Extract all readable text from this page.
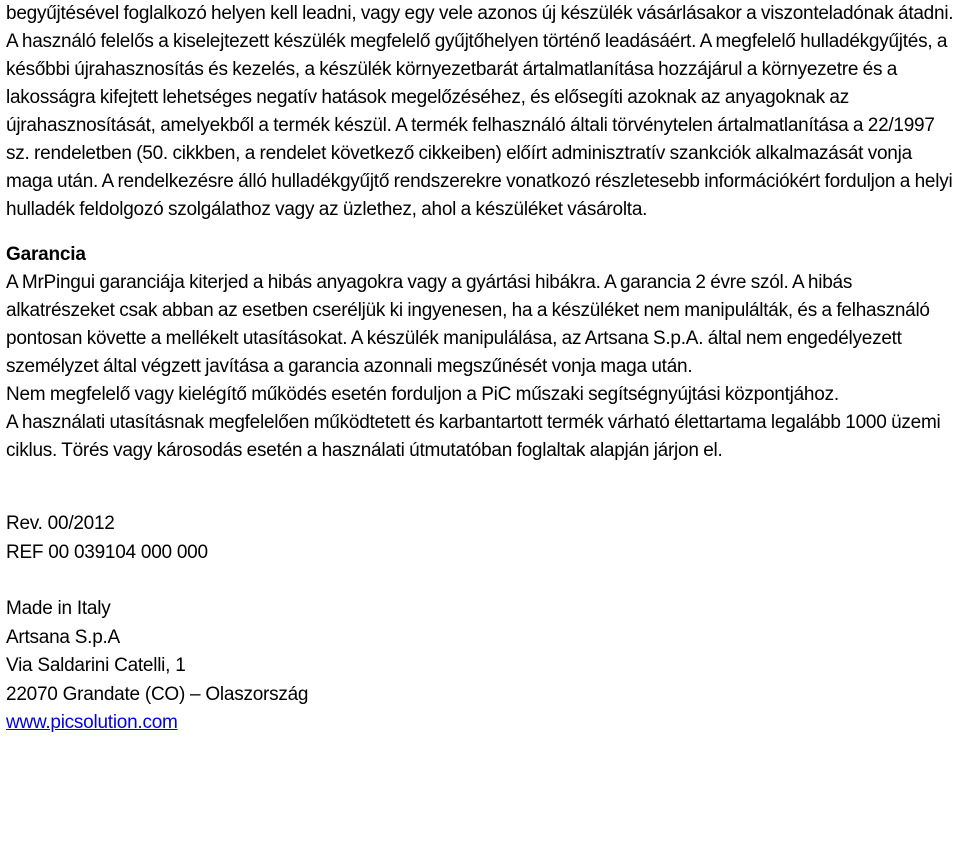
begyűjtésével foglalkozó helyen kell leadni, vagy egy vele azonos új készülék vásárlásakor a viszonteladónak átadni. A használó felelős a kiselejtezett készülék megfelelő gyűjtőhelyen történő leadásáért. A megfelelő hulladékgyűjtés, a későbbi újrahasznosítás és kezelés, a készülék környezetbarát ártalmatlanítása hozzájárul a környezetre és a lakosságra kifejtett lehetséges negatív hatások megelőzéséhez, és elősegíti azoknak az anyagoknak az újrahasznosítását, amelyekből a termék készül. A termék felhasználó általi törvénytelen ártalmatlanítása a 22/1997 sz. rendeletben (50. cikkben, a rendelet következő cikkeiben) előírt adminisztratív szankciók alkalmazását vonja maga után. A rendelkezésre álló hulladékgyűjtő rendszerekre vonatkozó részletesebb információkért forduljon a helyi hulladék feldolgozó szolgálathoz vagy az üzlethez, ahol a készüléket vásárolta.

Garancia

A MrPingui garanciája kiterjed a hibás anyagokra vagy a gyártási hibákra. A garancia 2 évre szól. A hibás alkatrészeket csak abban az esetben cseréljük ki ingyenesen, ha a készüléket nem manipulálták, és a felhasználó pontosan követte a mellékelt utasításokat. A készülék manipulálása, az Artsana S.p.A. által nem engedélyezett személyzet által végzett javítása a garancia azonnali megszűnését vonja maga után.

Nem megfelelő vagy kielégítő működés esetén forduljon a PiC műszaki segítségnyújtási központjához.

A használati utasításnak megfelelően működtetett és karbantartott termék várható élettartama legalább 1000 üzemi ciklus. Törés vagy károsodás esetén a használati útmutatóban foglaltak alapján járjon el.

Rev. 00/2012
REF 00 039104 000 000
Made in Italy
Artsana S.p.A
Via Saldarini Catelli, 1
22070 Grandate (CO) – Olaszország
www.picsolution.com
